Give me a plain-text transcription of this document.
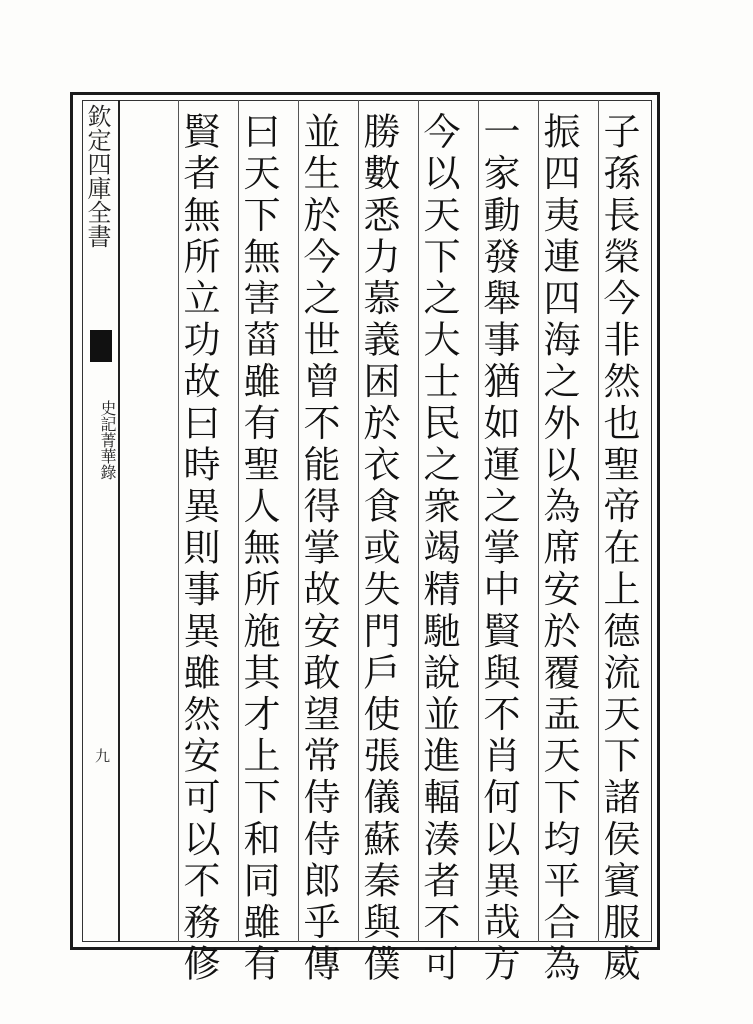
欽定四庫全書
史記菁華錄
九	子孫長榮今非然也聖帝在上德流天下諸侯賓服威
振四夷連四海之外以為席安於覆盂天下均平合為
一家動發舉事猶如運之掌中賢與不肖何以異哉方
今以天下之大士民之衆竭精馳說並進輻湊者不可
勝數悉力慕義困於衣食或失門戶使張儀蘇秦與僕
並生於今之世曾不能得掌故安敢望常侍侍郎乎傳
曰天下無害菑雖有聖人無所施其才上下和同雖有
賢者無所立功故曰時異則事異雖然安可以不務修
